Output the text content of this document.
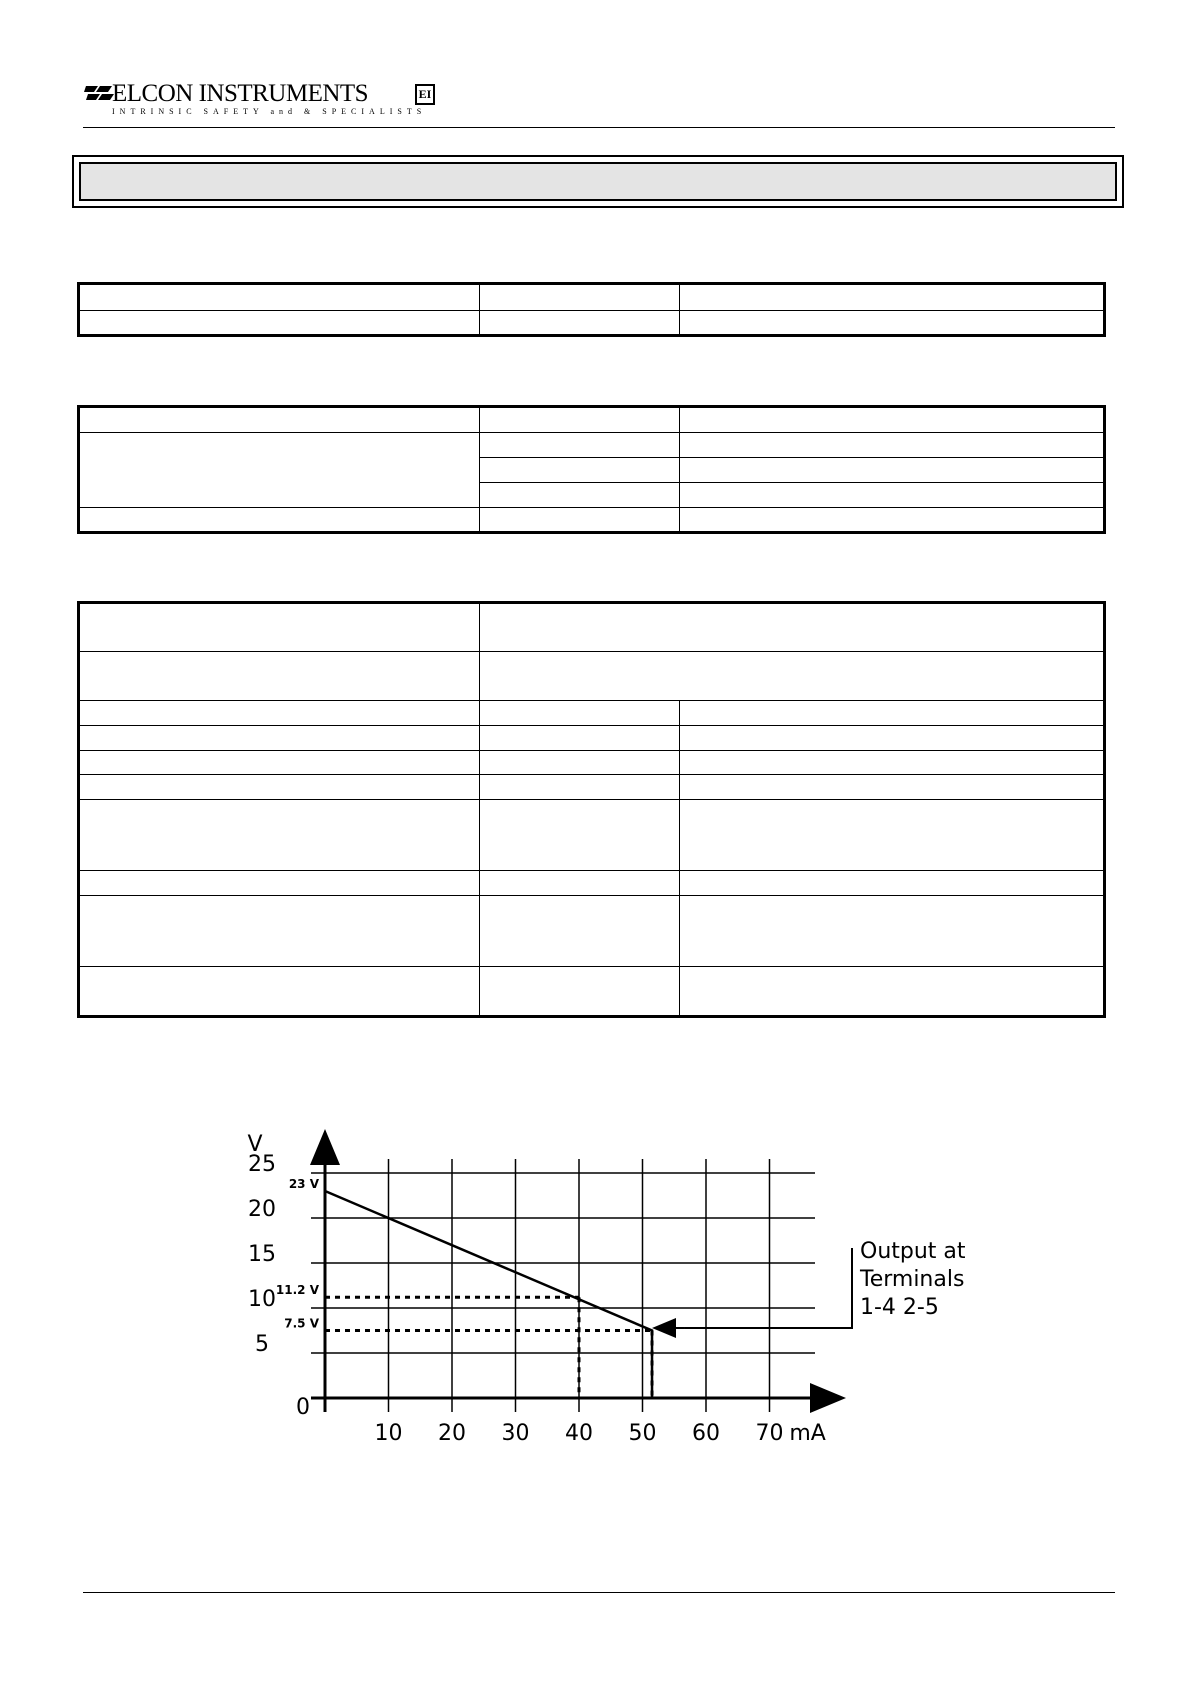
ELCON INSTRUMENTS	EI
INTRINSIC SAFETY and & SPECIALISTS
0
5
10
15
20
25
10 20 30 40 50 60 70
V
mA
11.2 V
7.5 V
23 V
Output at
Terminals
1-4 2-5
